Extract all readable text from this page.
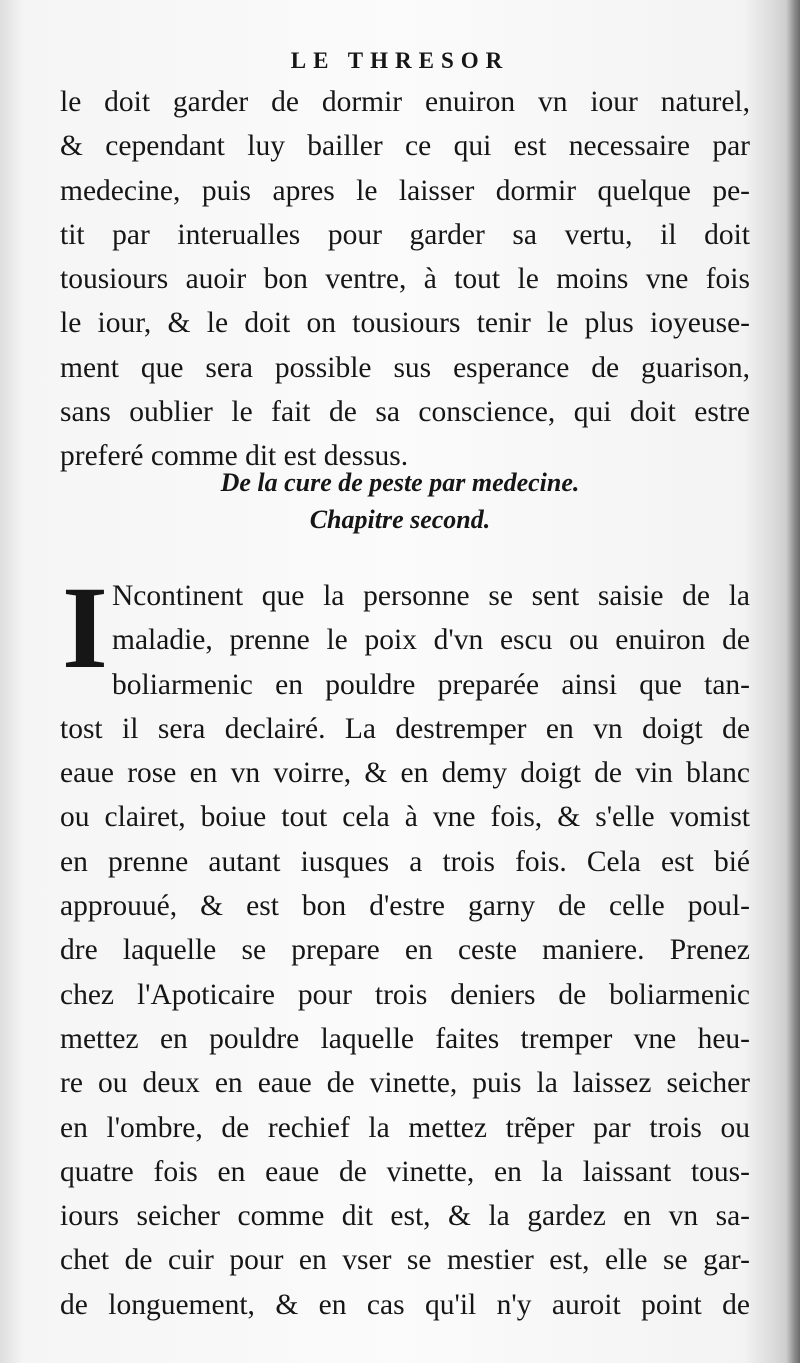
LE THRESOR
le doit garder de dormir enuiron vn iour naturel,
& cependant luy bailler ce qui est necessaire par
medecine, puis apres le laisser dormir quelque pe-
tit par interualles pour garder sa vertu, il doit
tousiours auoir bon ventre, à tout le moins vne fois
le iour, & le doit on tousiours tenir le plus ioyeuse-
ment que sera possible sus esperance de guarison,
sans oublier le fait de sa conscience, qui doit estre
preferé comme dit est dessus.
De la cure de peste par medecine.
Chapitre second.
I Ncontinent que la personne se sent saisie de la
maladie, prenne le poix d'vn escu ou enuiron de
boliarmenic en pouldre preparée ainsi que tan-
tost il sera declairé. La destremper en vn doigt de
eaue rose en vn voirre, & en demy doigt de vin blanc
ou clairet, boiue tout cela à vne fois, & s'elle vomist
en prenne autant iusques a trois fois. Cela est bié
approuué, & est bon d'estre garny de celle poul-
dre laquelle se prepare en ceste maniere. Prenez
chez l'Apoticaire pour trois deniers de boliarmenic
mettez en pouldre laquelle faites tremper vne heu-
re ou deux en eaue de vinette, puis la laissez seicher
en l'ombre, de rechief la mettez trẽper par trois ou
quatre fois en eaue de vinette, en la laissant tous-
iours seicher comme dit est, & la gardez en vn sa-
chet de cuir pour en vser se mestier est, elle se gar-
de longuement, & en cas qu'il n'y auroit point de
